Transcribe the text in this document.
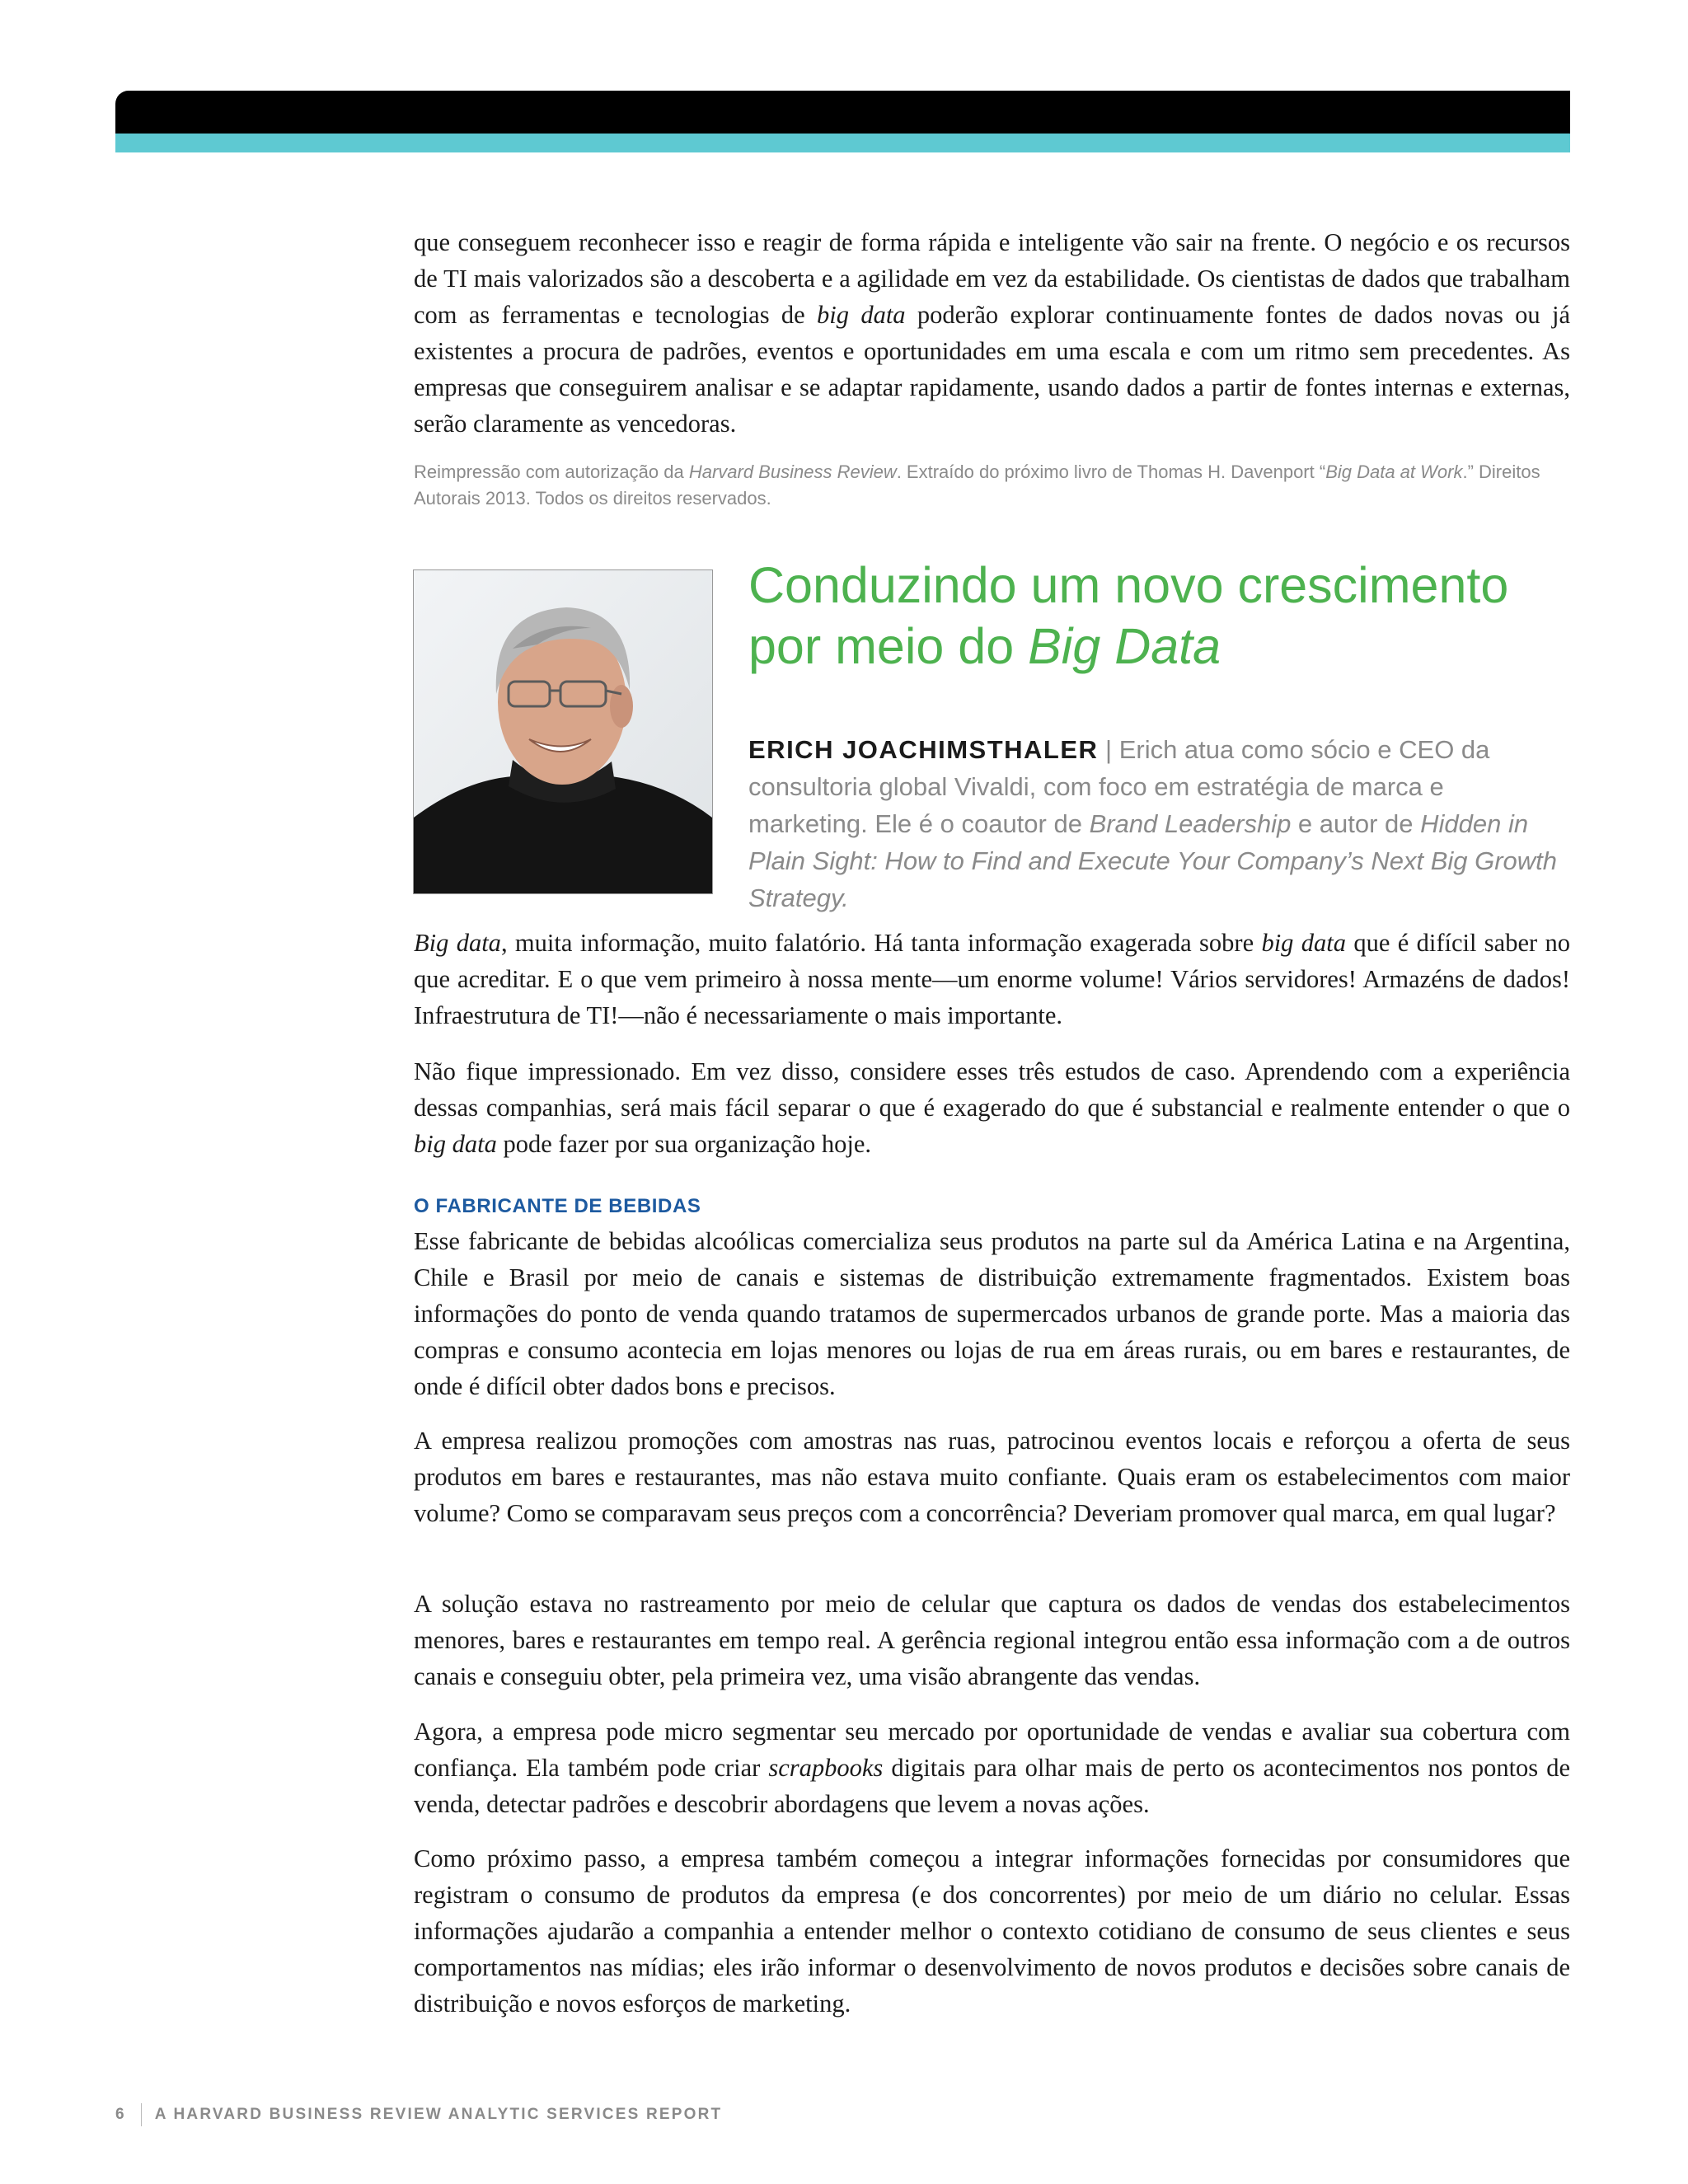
que conseguem reconhecer isso e reagir de forma rápida e inteligente vão sair na frente. O negócio e os recursos de TI mais valorizados são a descoberta e a agilidade em vez da estabilidade. Os cientistas de dados que trabalham com as ferramentas e tecnologias de big data poderão explorar continuamente fontes de dados novas ou já existentes a procura de padrões, eventos e oportunidades em uma escala e com um ritmo sem precedentes. As empresas que conseguirem analisar e se adaptar rapidamente, usando dados a partir de fontes internas e externas, serão claramente as vencedoras.

Reimpressão com autorização da Harvard Business Review. Extraído do próximo livro de Thomas H. Davenport “Big Data at Work.” Direitos Autorais 2013. Todos os direitos reservados.

Conduzindo um novo crescimento por meio do Big Data

ERICH JOACHIMSTHALER | Erich atua como sócio e CEO da consultoria global Vivaldi, com foco em estratégia de marca e marketing. Ele é o coautor de Brand Leadership e autor de Hidden in Plain Sight: How to Find and Execute Your Company’s Next Big Growth Strategy.

Big data, muita informação, muito falatório. Há tanta informação exagerada sobre big data que é difícil saber no que acreditar. E o que vem primeiro à nossa mente—um enorme volume! Vários servidores! Armazéns de dados! Infraestrutura de TI!—não é necessariamente o mais importante.

Não fique impressionado. Em vez disso, considere esses três estudos de caso. Aprendendo com a experiência dessas companhias, será mais fácil separar o que é exagerado do que é substancial e realmente entender o que o big data pode fazer por sua organização hoje.

O FABRICANTE DE BEBIDAS

Esse fabricante de bebidas alcoólicas comercializa seus produtos na parte sul da América Latina e na Argentina, Chile e Brasil por meio de canais e sistemas de distribuição extremamente fragmentados. Existem boas informações do ponto de venda quando tratamos de supermercados urbanos de grande porte. Mas a maioria das compras e consumo acontecia em lojas menores ou lojas de rua em áreas rurais, ou em bares e restaurantes, de onde é difícil obter dados bons e precisos.

A empresa realizou promoções com amostras nas ruas, patrocinou eventos locais e reforçou a oferta de seus produtos em bares e restaurantes, mas não estava muito confiante. Quais eram os estabelecimentos com maior volume? Como se comparavam seus preços com a concorrência? Deveriam promover qual marca, em qual lugar?

A solução estava no rastreamento por meio de celular que captura os dados de vendas dos estabelecimentos menores, bares e restaurantes em tempo real. A gerência regional integrou então essa informação com a de outros canais e conseguiu obter, pela primeira vez, uma visão abrangente das vendas.

Agora, a empresa pode micro segmentar seu mercado por oportunidade de vendas e avaliar sua cobertura com confiança. Ela também pode criar scrapbooks digitais para olhar mais de perto os acontecimentos nos pontos de venda, detectar padrões e descobrir abordagens que levem a novas ações.

Como próximo passo, a empresa também começou a integrar informações fornecidas por consumidores que registram o consumo de produtos da empresa (e dos concorrentes) por meio de um diário no celular. Essas informações ajudarão a companhia a entender melhor o contexto cotidiano de consumo de seus clientes e seus comportamentos nas mídias; eles irão informar o desenvolvimento de novos produtos e decisões sobre canais de distribuição e novos esforços de marketing.

6 A HARVARD BUSINESS REVIEW ANALYTIC SERVICES REPORT
